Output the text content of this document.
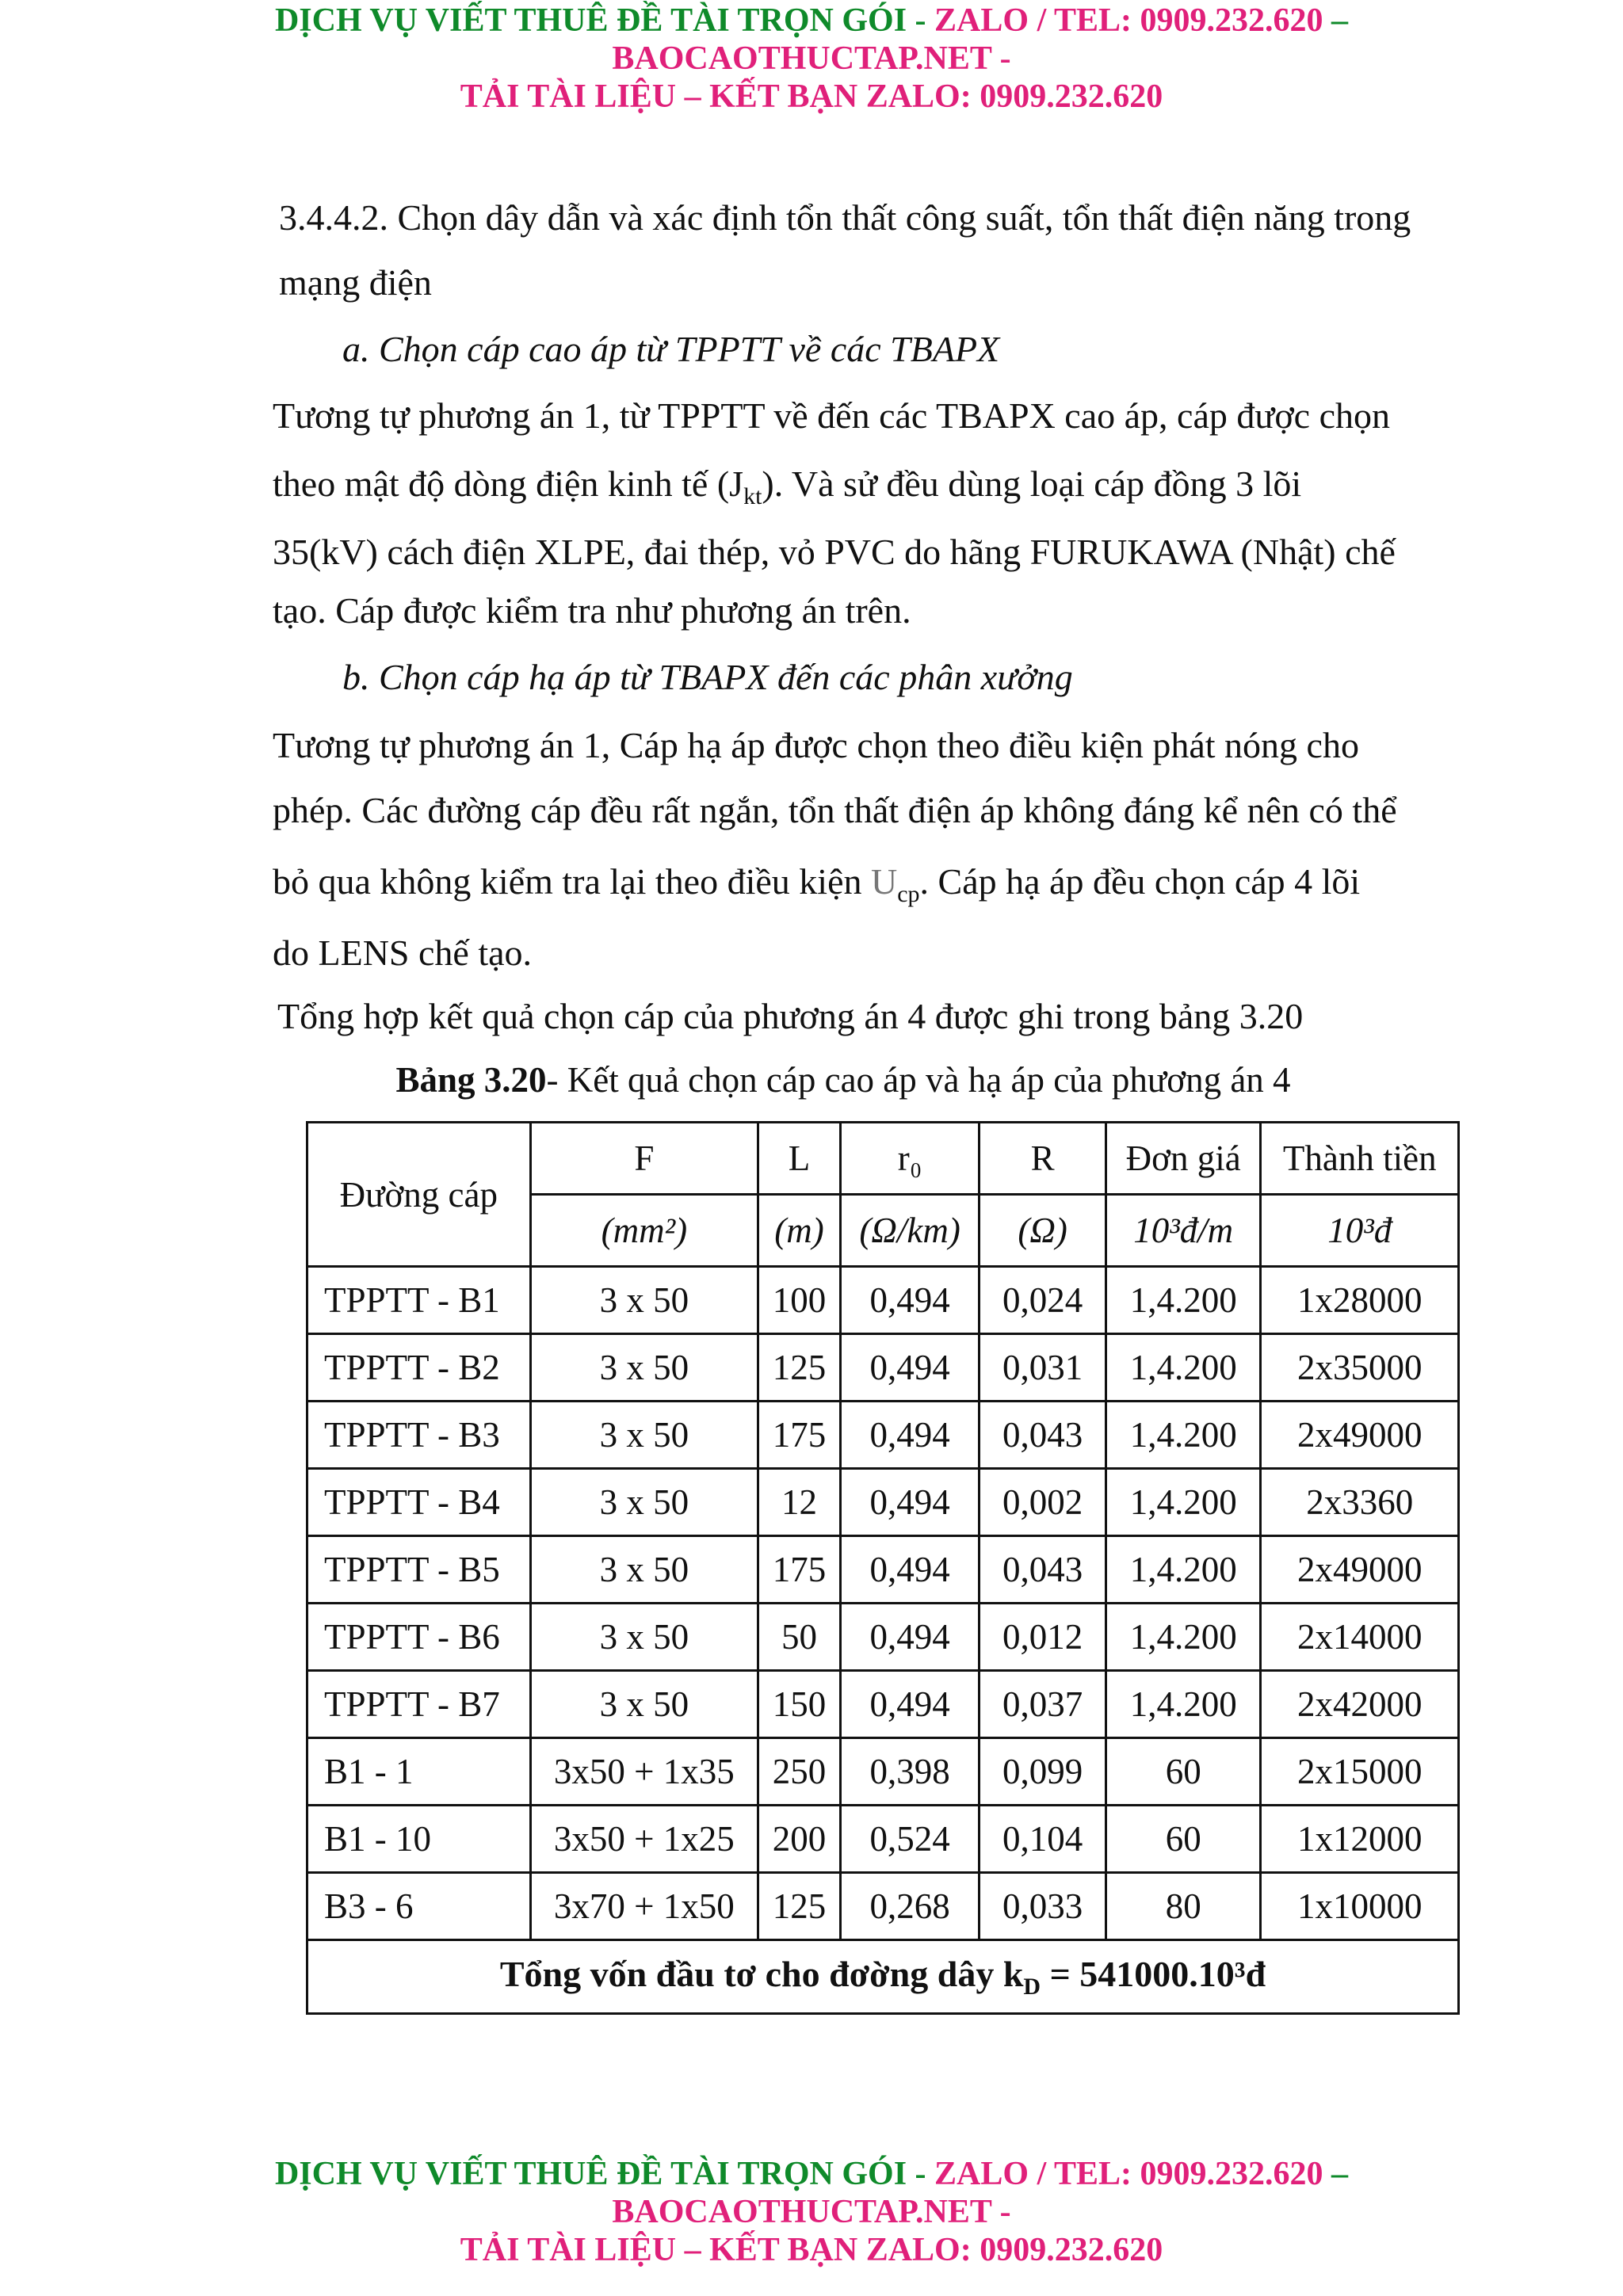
DỊCH VỤ VIẾT THUÊ ĐỀ TÀI TRỌN GÓI - ZALO / TEL: 0909.232.620 –
BAOCAOTHUCTAP.NET -
TẢI TÀI LIỆU – KẾT BẠN ZALO: 0909.232.620
3.4.4.2. Chọn dây dẫn và xác định tổn thất công suất, tổn thất điện năng trong
mạng điện
a. Chọn cáp cao áp từ TPPTT về các TBAPX
Tương tự phương án 1, từ TPPTT về đến các TBAPX cao áp, cáp được chọn
theo mật độ dòng điện kinh tế $(J_{kt})$. Và sử đều dùng loại cáp đồng 3 lõi
35(kV) cách điện XLPE, đai thép, vỏ PVC do hãng FURUKAWA (Nhật) chế
tạo. Cáp được kiểm tra như phương án trên.
b. Chọn cáp hạ áp từ TBAPX đến các phân xưởng
Tương tự phương án 1, Cáp hạ áp được chọn theo điều kiện phát nóng cho
phép. Các đường cáp đều rất ngắn, tổn thất điện áp không đáng kể nên có thể
bỏ qua không kiểm tra lại theo điều kiện $U_{cp}$. Cáp hạ áp đều chọn cáp 4 lõi
do LENS chế tạo.
Tổng hợp kết quả chọn cáp của phương án 4 được ghi trong bảng 3.20
Bảng 3.20- Kết quả chọn cáp cao áp và hạ áp của phương án 4
Đường cáp	F	L	r₀	R	Đơn giá	Thành tiền
	(mm²)	(m)	(Ω/km)	(Ω)	10³đ/m	10³đ
TPPTT - B1	3 x 50	100	0,494	0,024	1,4.200	1x28000
TPPTT - B2	3 x 50	125	0,494	0,031	1,4.200	2x35000
TPPTT - B3	3 x 50	175	0,494	0,043	1,4.200	2x49000
TPPTT - B4	3 x 50	12	0,494	0,002	1,4.200	2x3360
TPPTT - B5	3 x 50	175	0,494	0,043	1,4.200	2x49000
TPPTT - B6	3 x 50	50	0,494	0,012	1,4.200	2x14000
TPPTT - B7	3 x 50	150	0,494	0,037	1,4.200	2x42000
B1 - 1	3x50 + 1x35	250	0,398	0,099	60	2x15000
B1 - 10	3x50 + 1x25	200	0,524	0,104	60	1x12000
B3 - 6	3x70 + 1x50	125	0,268	0,033	80	1x10000
Tổng vốn đầu tơ cho đơờng dây $k_D$ = 541000.10³đ						
DỊCH VỤ VIẾT THUÊ ĐỀ TÀI TRỌN GÓI - ZALO / TEL: 0909.232.620 –
BAOCAOTHUCTAP.NET -
TẢI TÀI LIỆU – KẾT BẠN ZALO: 0909.232.620
